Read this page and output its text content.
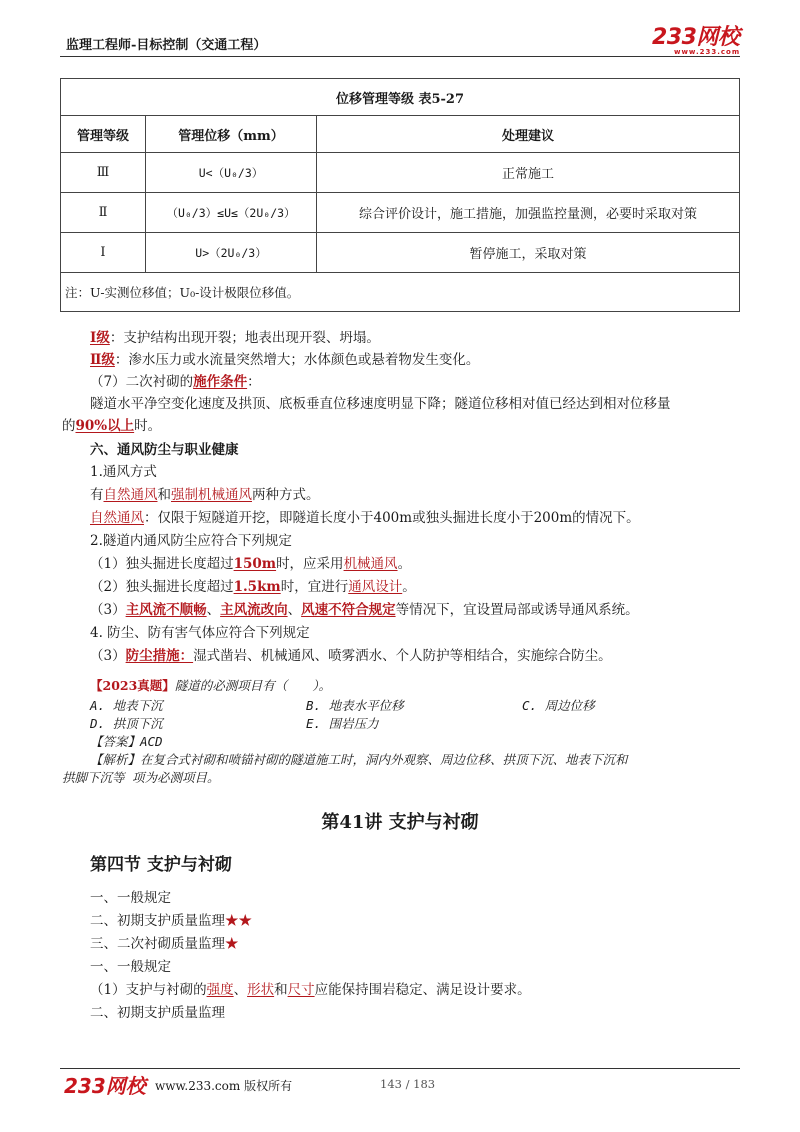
监理工程师-目标控制（交通工程）	233网校
www.233.com
位移管理等级 表5-27		
管理等级	管理位移（mm）	处理建议
Ⅲ	U<（U₀/3）	正常施工
Ⅱ	（U₀/3）≤U≤（2U₀/3）	综合评价设计，施工措施，加强监控量测，必要时采取对策
Ⅰ	U>（2U₀/3）	暂停施工，采取对策
注：U-实测位移值；U₀-设计极限位移值。		
Ⅰ级：支护结构出现开裂；地表出现开裂、坍塌。
Ⅱ级：渗水压力或水流量突然增大；水体颜色或悬着物发生变化。
（7）二次衬砌的施作条件：
隧道水平净空变化速度及拱顶、底板垂直位移速度明显下降；隧道位移相对值已经达到相对位移量
的90%以上时。
六、通风防尘与职业健康
1.通风方式
有自然通风和强制机械通风两种方式。
自然通风：仅限于短隧道开挖，即隧道长度小于400m或独头掘进长度小于200m的情况下。
2.隧道内通风防尘应符合下列规定
（1）独头掘进长度超过150m时，应采用机械通风。
（2）独头掘进长度超过1.5km时，宜进行通风设计。
（3）主风流不顺畅、主风流改向、风速不符合规定等情况下，宜设置局部或诱导通风系统。
4. 防尘、防有害气体应符合下列规定
（3）防尘措施：湿式凿岩、机械通风、喷雾洒水、个人防护等相结合，实施综合防尘。
【2023真题】隧道的必测项目有（　　）。
A. 地表下沉	B. 地表水平位移	C. 周边位移
D. 拱顶下沉	E. 围岩压力
【答案】ACD
【解析】在复合式衬砌和喷锚衬砌的隧道施工时，洞内外观察、周边位移、拱顶下沉、地表下沉和
拱脚下沉等 项为必测项目。
第41讲 支护与衬砌
第四节 支护与衬砌
一、一般规定
二、初期支护质量监理★★
三、二次衬砌质量监理★
一、一般规定
（1）支护与衬砌的强度、形状和尺寸应能保持围岩稳定、满足设计要求。
二、初期支护质量监理
233网校 www.233.com 版权所有	143 / 183
